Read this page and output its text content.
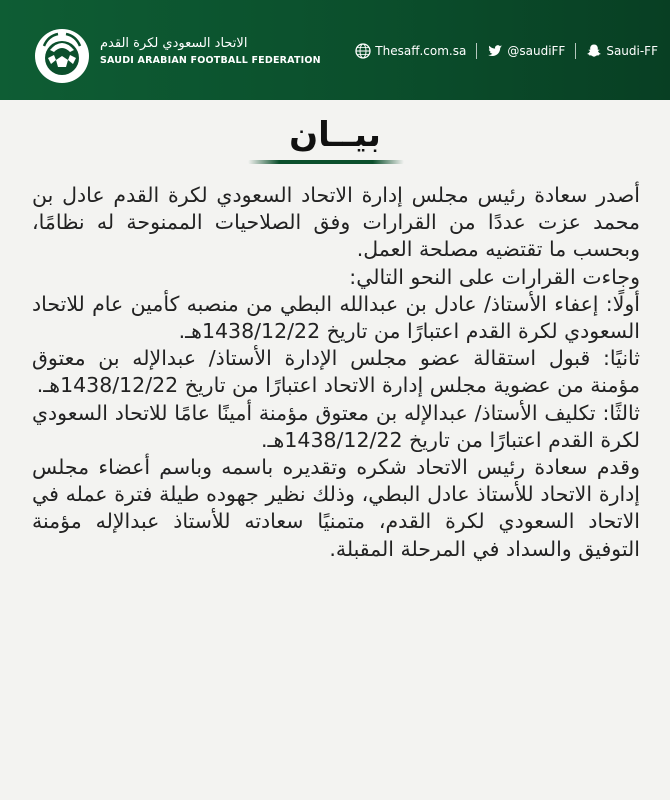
الاتحاد السعودي لكرة القدم
SAUDI ARABIAN FOOTBALL FEDERATION
Thesaff.com.sa	@saudiFF	Saudi-FF
بيــان

أصدر سعادة رئيس مجلس إدارة الاتحاد السعودي لكرة القدم عادل بن محمد عزت عددًا من القرارات وفق الصلاحيات الممنوحة له نظامًا، وبحسب ما تقتضيه مصلحة العمل.

وجاءت القرارات على النحو التالي:

أولًا: إعفاء الأستاذ/ عادل بن عبدالله البطي من منصبه كأمين عام للاتحاد السعودي لكرة القدم اعتبارًا من تاريخ 1438/12/22هـ.

ثانيًا: قبول استقالة عضو مجلس الإدارة الأستاذ/ عبدالإله بن معتوق مؤمنة من عضوية مجلس إدارة الاتحاد اعتبارًا من تاريخ 1438/12/22هـ.

ثالثًا: تكليف الأستاذ/ عبدالإله بن معتوق مؤمنة أمينًا عامًا للاتحاد السعودي لكرة القدم اعتبارًا من تاريخ 1438/12/22هـ.

وقدم سعادة رئيس الاتحاد شكره وتقديره باسمه وباسم أعضاء مجلس إدارة الاتحاد للأستاذ عادل البطي، وذلك نظير جهوده طيلة فترة عمله في الاتحاد السعودي لكرة القدم، متمنيًا سعادته للأستاذ عبدالإله مؤمنة التوفيق والسداد في المرحلة المقبلة.
